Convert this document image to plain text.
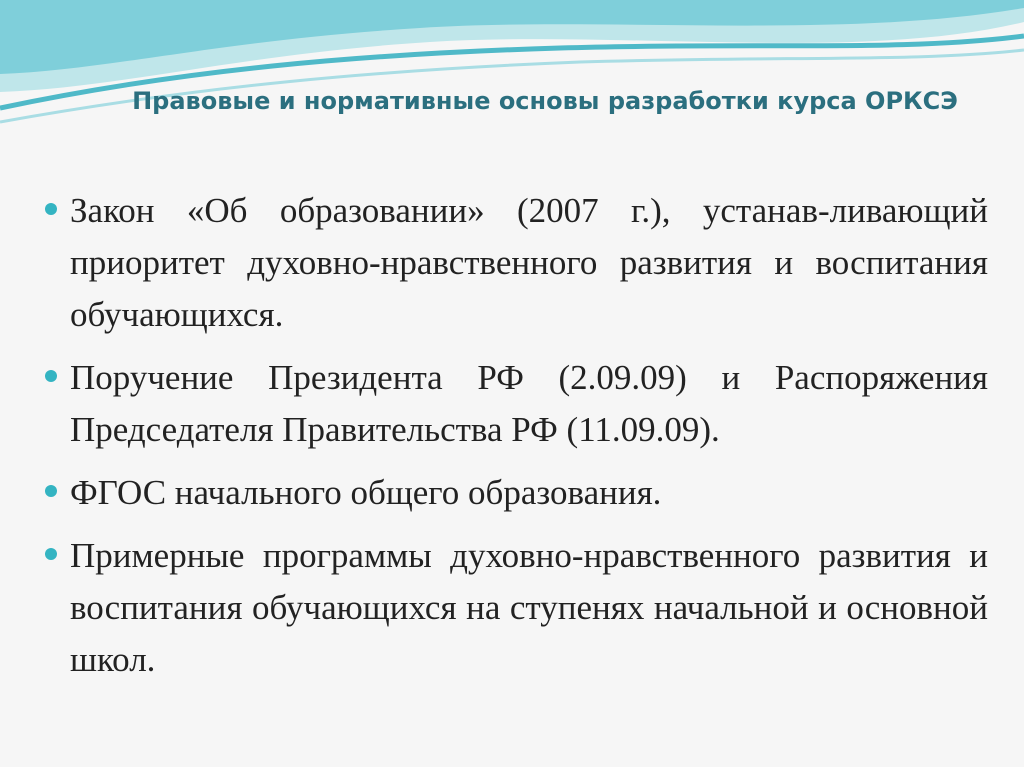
Правовые и нормативные основы разработки курса ОРКСЭ
Закон «Об образовании» (2007 г.), устанав-ливающий приоритет духовно-нравственного развития и воспитания обучающихся.
Поручение Президента РФ (2.09.09) и Распоряжения Председателя Правительства РФ (11.09.09).
ФГОС начального общего образования.
Примерные программы духовно-нравственного развития и воспитания обучающихся на ступенях начальной и основной школ.
